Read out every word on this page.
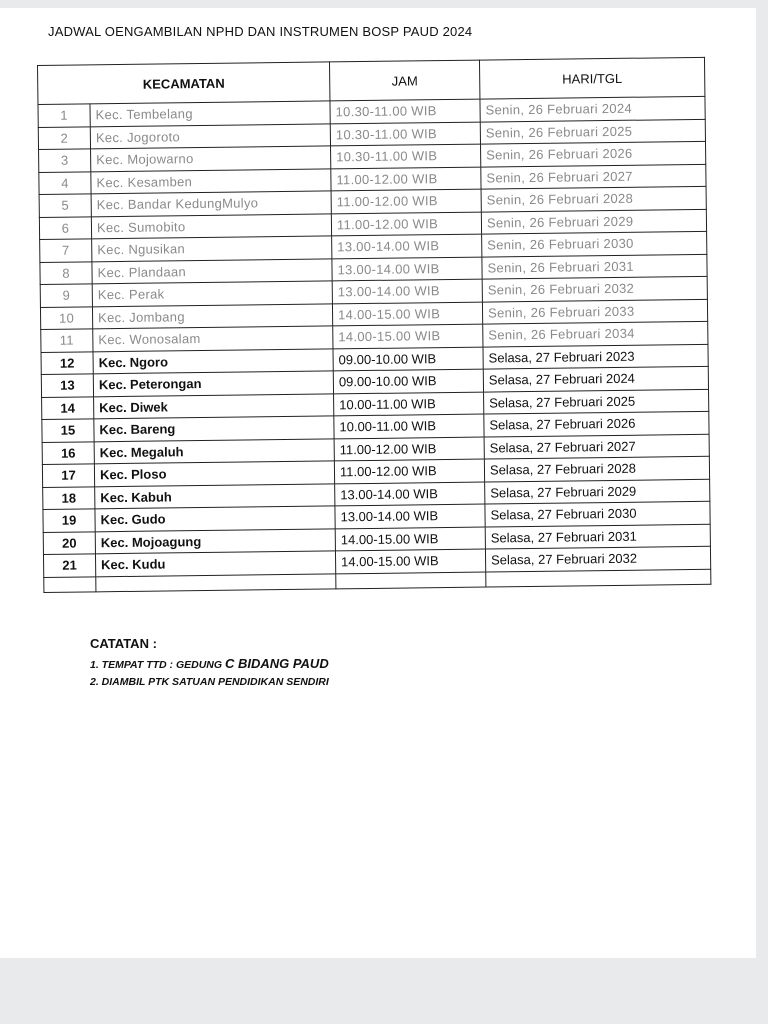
JADWAL OENGAMBILAN NPHD DAN INSTRUMEN BOSP PAUD 2024
KECAMATAN		JAM	HARI/TGL
1	Kec. Tembelang	10.30-11.00 WIB	Senin, 26 Februari 2024
2	Kec. Jogoroto	10.30-11.00 WIB	Senin, 26 Februari 2025
3	Kec. Mojowarno	10.30-11.00 WIB	Senin, 26 Februari 2026
4	Kec. Kesamben	11.00-12.00 WIB	Senin, 26 Februari 2027
5	Kec. Bandar KedungMulyo	11.00-12.00 WIB	Senin, 26 Februari 2028
6	Kec. Sumobito	11.00-12.00 WIB	Senin, 26 Februari 2029
7	Kec. Ngusikan	13.00-14.00 WIB	Senin, 26 Februari 2030
8	Kec. Plandaan	13.00-14.00 WIB	Senin, 26 Februari 2031
9	Kec. Perak	13.00-14.00 WIB	Senin, 26 Februari 2032
10	Kec. Jombang	14.00-15.00 WIB	Senin, 26 Februari 2033
11	Kec. Wonosalam	14.00-15.00 WIB	Senin, 26 Februari 2034
12	Kec. Ngoro	09.00-10.00 WIB	Selasa, 27 Februari 2023
13	Kec. Peterongan	09.00-10.00 WIB	Selasa, 27 Februari 2024
14	Kec. Diwek	10.00-11.00 WIB	Selasa, 27 Februari 2025
15	Kec. Bareng	10.00-11.00 WIB	Selasa, 27 Februari 2026
16	Kec. Megaluh	11.00-12.00 WIB	Selasa, 27 Februari 2027
17	Kec. Ploso	11.00-12.00 WIB	Selasa, 27 Februari 2028
18	Kec. Kabuh	13.00-14.00 WIB	Selasa, 27 Februari 2029
19	Kec. Gudo	13.00-14.00 WIB	Selasa, 27 Februari 2030
20	Kec. Mojoagung	14.00-15.00 WIB	Selasa, 27 Februari 2031
21	Kec. Kudu	14.00-15.00 WIB	Selasa, 27 Februari 2032

CATATAN :
1. TEMPAT TTD : GEDUNG C BIDANG PAUD
2. DIAMBIL PTK SATUAN PENDIDIKAN SENDIRI
